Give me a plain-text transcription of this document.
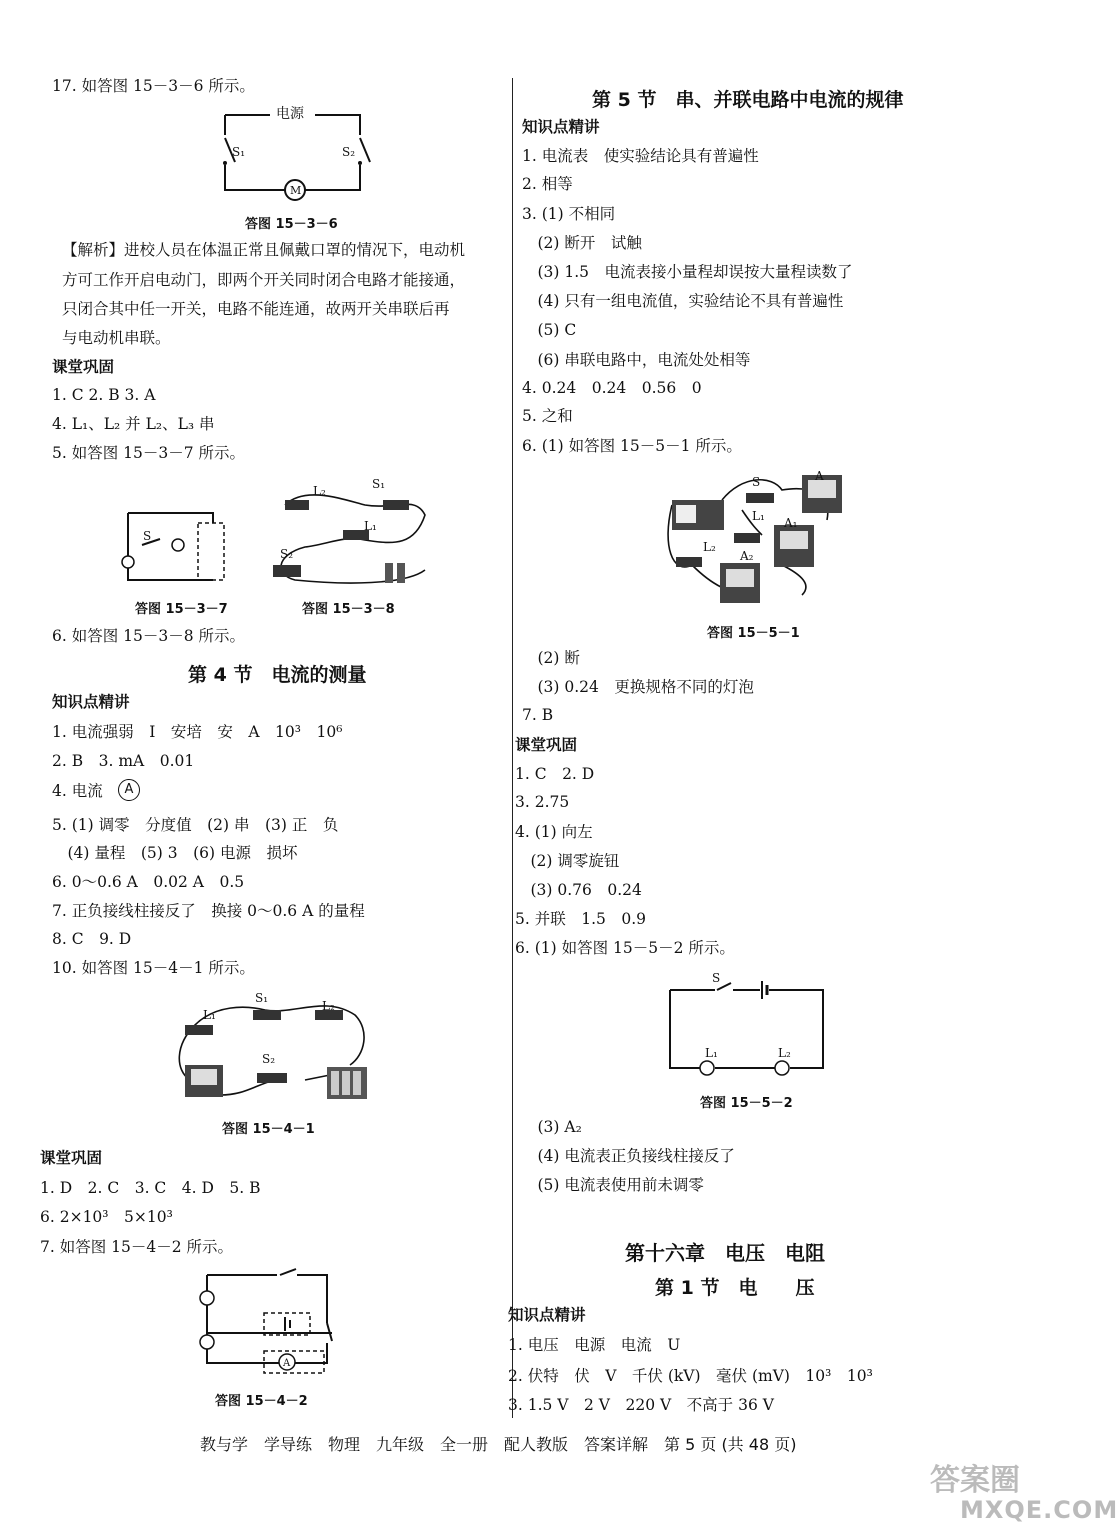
17. 如答图 15－3－6 所示。
电源
S₁	S₂
M
答图 15－3－6
【解析】进校人员在体温正常且佩戴口罩的情况下，电动机
方可工作开启电动门，即两个开关同时闭合电路才能接通，
只闭合其中任一开关，电路不能连通，故两开关串联后再
与电动机串联。
课堂巩固
1. C 2. B 3. A
4. L₁、L₂ 并 L₂、L₃ 串
5. 如答图 15－3－7 所示。
S
答图 15－3－7
L₂	S₁
L₁
S₂
答图 15－3－8
6. 如答图 15－3－8 所示。
第 4 节　电流的测量
知识点精讲
1. 电流强弱　I　安培　安　A　10³　10⁶
2. B　3. mA　0.01
4. 电流	A
5. (1) 调零　分度值　(2) 串　(3) 正　负
　(4) 量程　(5) 3　(6) 电源　损坏
6. 0～0.6 A　0.02 A　0.5
7. 正负接线柱接反了　换接 0～0.6 A 的量程
8. C　9. D
10. 如答图 15－4－1 所示。
L₁
S₁
L₂
S₂
答图 15－4－1
课堂巩固
1. D　2. C　3. C　4. D　5. B
6. 2×10³　5×10³
7. 如答图 15－4－2 所示。
A
答图 15－4－2
第 5 节　串、并联电路中电流的规律
知识点精讲
1. 电流表　使实验结论具有普遍性
2. 相等
3. (1) 不相同
　(2) 断开　试触
　(3) 1.5　电流表接小量程却误按大量程读数了
　(4) 只有一组电流值，实验结论不具有普遍性
　(5) C
　(6) 串联电路中，电流处处相等
4. 0.24　0.24　0.56　0
5. 之和
6. (1) 如答图 15－5－1 所示。
S	A
L₁ A₁
L₂
A₂
答图 15－5－1
　(2) 断
　(3) 0.24　更换规格不同的灯泡
7. B
课堂巩固
1. C　2. D
3. 2.75
4. (1) 向左
　(2) 调零旋钮
　(3) 0.76　0.24
5. 并联　1.5　0.9
6. (1) 如答图 15－5－2 所示。
S
L₁	L₂
答图 15－5－2
　(3) A₂
　(4) 电流表正负接线柱接反了
　(5) 电流表使用前未调零
第十六章　电压　电阻
第 1 节　电　　压
知识点精讲
1. 电压　电源　电流　U
2. 伏特　伏　V　千伏 (kV)　毫伏 (mV)　10³　10³
3. 1.5 V　2 V　220 V　不高于 36 V
教与学　学导练　物理　九年级　全一册　配人教版　答案详解　第 5 页 (共 48 页)
答案圈
MXQE.COM
